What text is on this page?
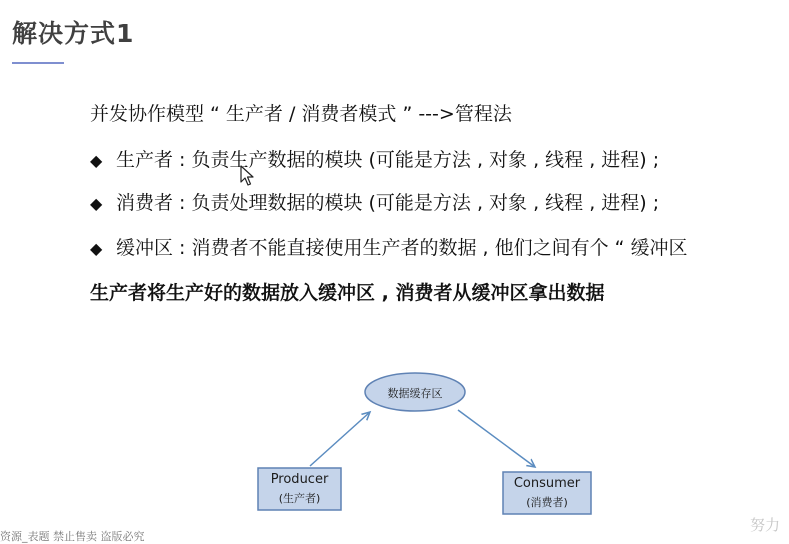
解决方式1
并发协作模型 “ 生产者 / 消费者模式 ” --->管程法
◆ 生产者 : 负责生产数据的模块 (可能是方法 , 对象 , 线程 , 进程) ;
◆ 消费者 : 负责处理数据的模块 (可能是方法 , 对象 , 线程 , 进程) ;
◆ 缓冲区 : 消费者不能直接使用生产者的数据 , 他们之间有个 “ 缓冲区
生产者将生产好的数据放入缓冲区 , 消费者从缓冲区拿出数据
数据缓存区
Producer
(生产者)
Consumer
(消费者)
资源_表题 禁止售卖 盗版必究
努力
